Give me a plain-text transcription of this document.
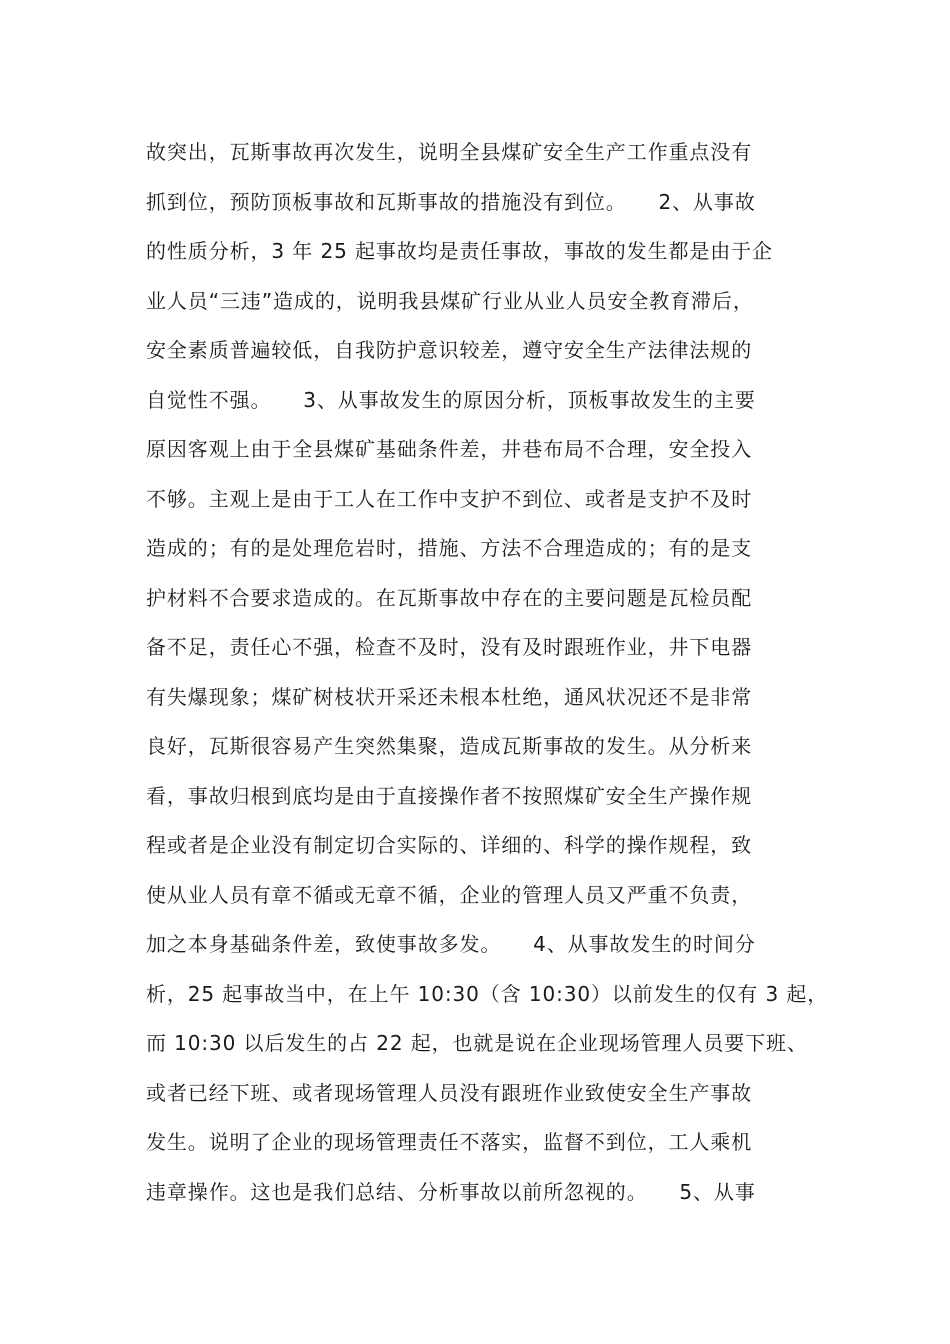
故突出，瓦斯事故再次发生，说明全县煤矿安全生产工作重点没有
抓到位，预防顶板事故和瓦斯事故的措施没有到位。　　2、从事故
的性质分析，3 年 25 起事故均是责任事故，事故的发生都是由于企
业人员“三违”造成的，说明我县煤矿行业从业人员安全教育滞后，
安全素质普遍较低，自我防护意识较差，遵守安全生产法律法规的
自觉性不强。　　3、从事故发生的原因分析，顶板事故发生的主要
原因客观上由于全县煤矿基础条件差，井巷布局不合理，安全投入
不够。主观上是由于工人在工作中支护不到位、或者是支护不及时
造成的；有的是处理危岩时，措施、方法不合理造成的；有的是支
护材料不合要求造成的。在瓦斯事故中存在的主要问题是瓦检员配
备不足，责任心不强，检查不及时，没有及时跟班作业，井下电器
有失爆现象；煤矿树枝状开采还未根本杜绝，通风状况还不是非常
良好，瓦斯很容易产生突然集聚，造成瓦斯事故的发生。从分析来
看，事故归根到底均是由于直接操作者不按照煤矿安全生产操作规
程或者是企业没有制定切合实际的、详细的、科学的操作规程，致
使从业人员有章不循或无章不循，企业的管理人员又严重不负责，
加之本身基础条件差，致使事故多发。　　4、从事故发生的时间分
析，25 起事故当中，在上午 10:30（含 10:30）以前发生的仅有 3 起，
而 10:30 以后发生的占 22 起，也就是说在企业现场管理人员要下班、
或者已经下班、或者现场管理人员没有跟班作业致使安全生产事故
发生。说明了企业的现场管理责任不落实，监督不到位，工人乘机
违章操作。这也是我们总结、分析事故以前所忽视的。　　5、从事
